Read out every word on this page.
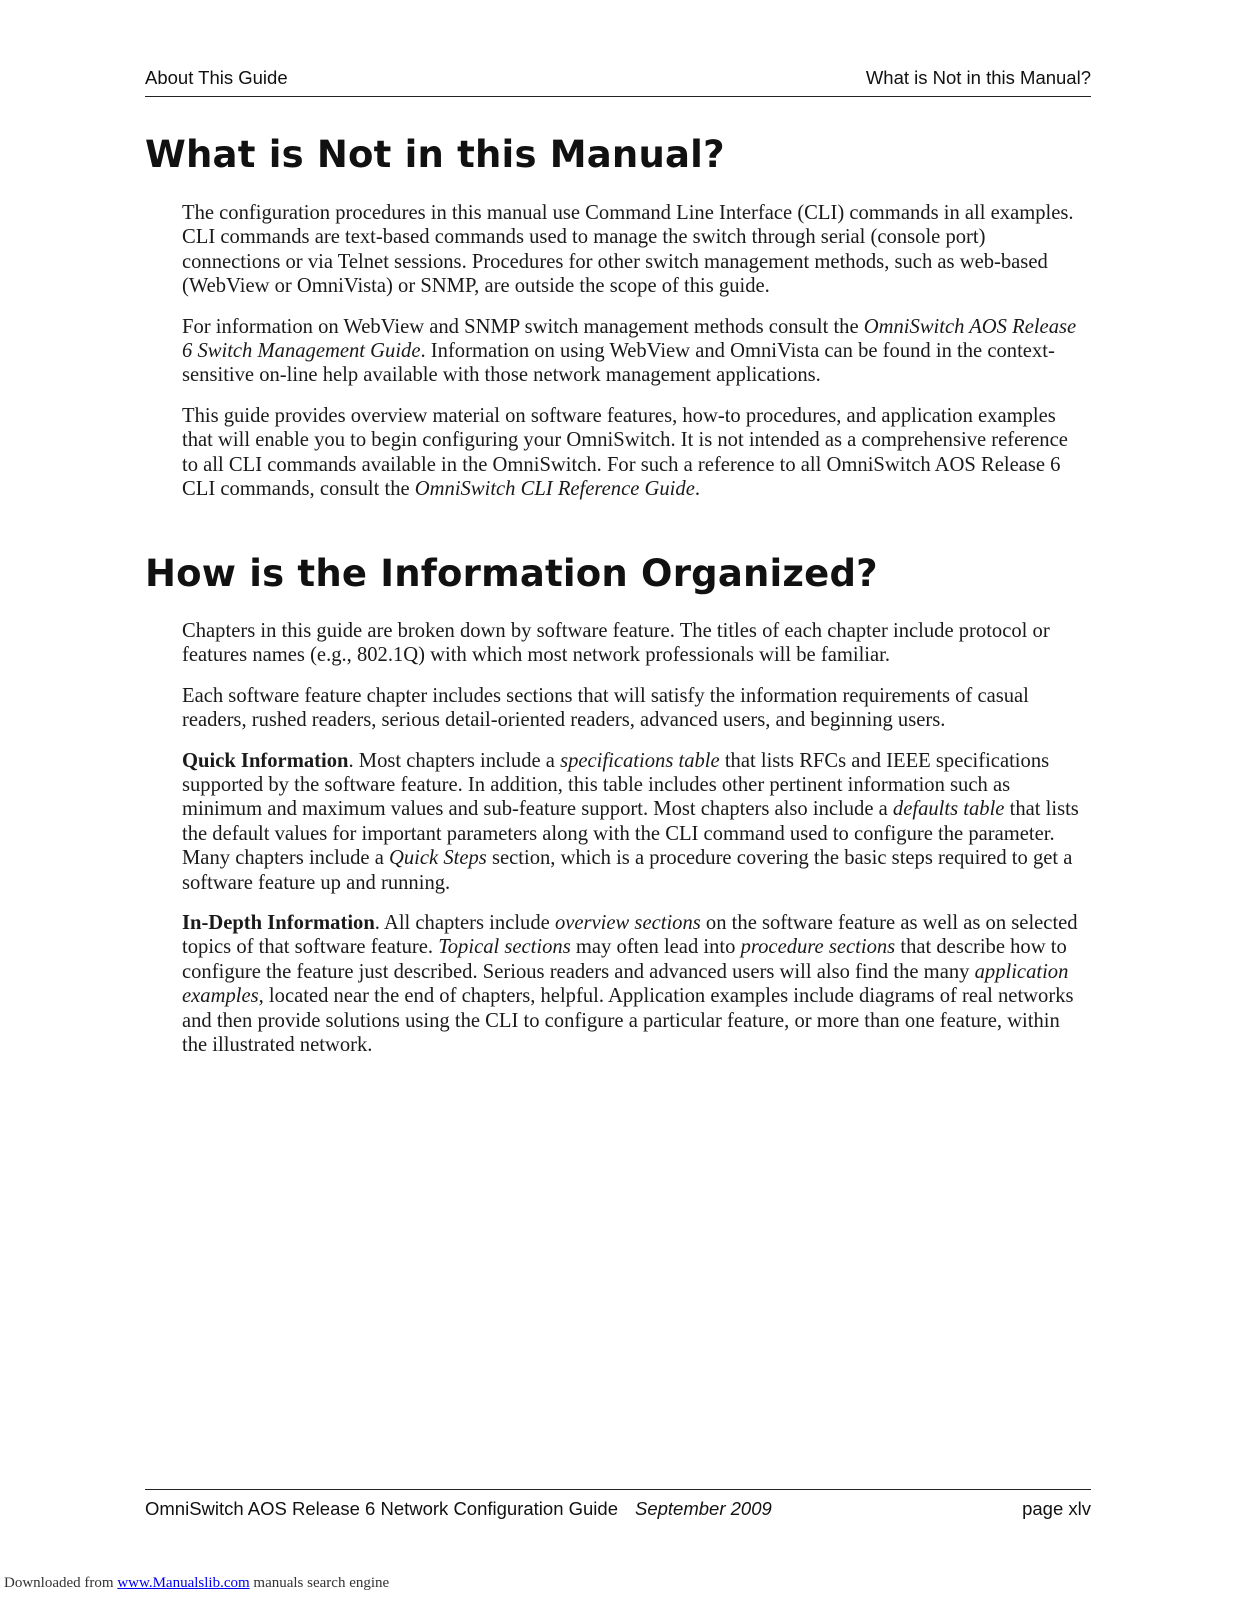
About This Guide	What is Not in this Manual?
What is Not in this Manual?

The configuration procedures in this manual use Command Line Interface (CLI) commands in all examples. CLI commands are text-based commands used to manage the switch through serial (console port) connections or via Telnet sessions. Procedures for other switch management methods, such as web-based (WebView or OmniVista) or SNMP, are outside the scope of this guide.

For information on WebView and SNMP switch management methods consult the OmniSwitch AOS Release 6 Switch Management Guide. Information on using WebView and OmniVista can be found in the context-sensitive on-line help available with those network management applications.

This guide provides overview material on software features, how-to procedures, and application examples that will enable you to begin configuring your OmniSwitch. It is not intended as a comprehensive reference to all CLI commands available in the OmniSwitch. For such a reference to all OmniSwitch AOS Release 6 CLI commands, consult the OmniSwitch CLI Reference Guide.

How is the Information Organized?

Chapters in this guide are broken down by software feature. The titles of each chapter include protocol or features names (e.g., 802.1Q) with which most network professionals will be familiar.

Each software feature chapter includes sections that will satisfy the information requirements of casual readers, rushed readers, serious detail-oriented readers, advanced users, and beginning users.

Quick Information. Most chapters include a specifications table that lists RFCs and IEEE specifications supported by the software feature. In addition, this table includes other pertinent information such as minimum and maximum values and sub-feature support. Most chapters also include a defaults table that lists the default values for important parameters along with the CLI command used to configure the parameter. Many chapters include a Quick Steps section, which is a procedure covering the basic steps required to get a software feature up and running.

In-Depth Information. All chapters include overview sections on the software feature as well as on selected topics of that software feature. Topical sections may often lead into procedure sections that describe how to configure the feature just described. Serious readers and advanced users will also find the many application examples, located near the end of chapters, helpful. Application examples include diagrams of real networks and then provide solutions using the CLI to configure a particular feature, or more than one feature, within the illustrated network.

OmniSwitch AOS Release 6 Network Configuration Guide September 2009	page xlv
Downloaded from www.Manualslib.com manuals search engine
